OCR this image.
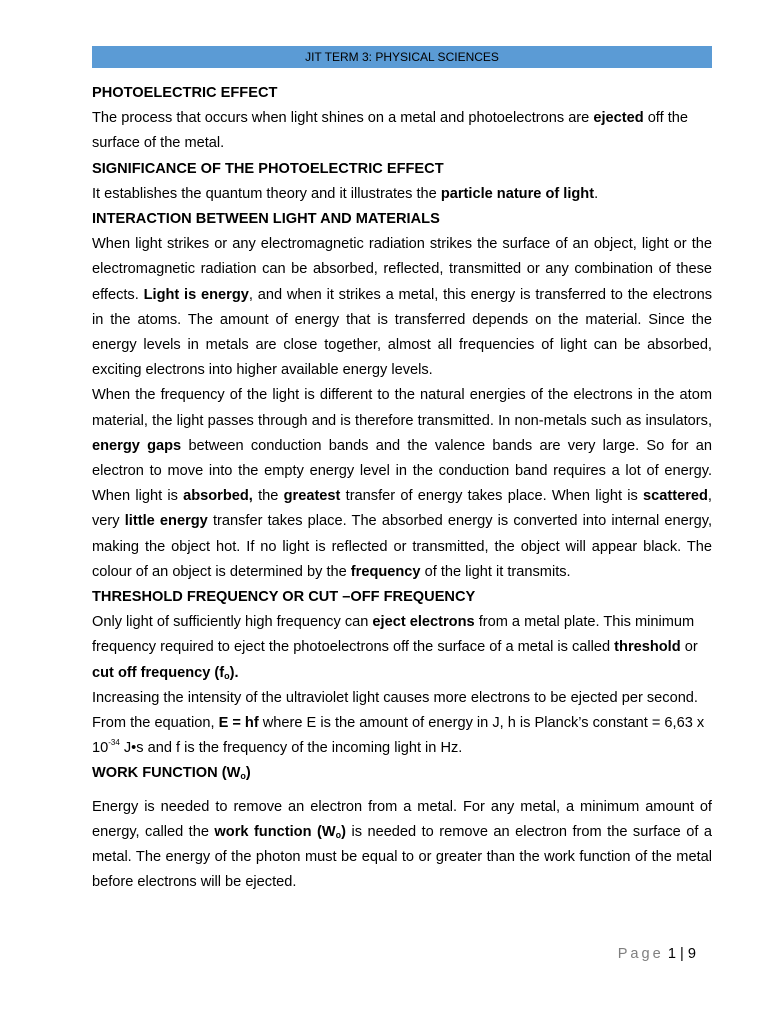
JIT TERM 3: PHYSICAL SCIENCES
PHOTOELECTRIC EFFECT

The process that occurs when light shines on a metal and photoelectrons are ejected off the surface of the metal.

SIGNIFICANCE OF THE PHOTOELECTRIC EFFECT

It establishes the quantum theory and it illustrates the particle nature of light.

INTERACTION BETWEEN LIGHT AND MATERIALS

When light strikes or any electromagnetic radiation strikes the surface of an object, light or the electromagnetic radiation can be absorbed, reflected, transmitted or any combination of these effects. Light is energy, and when it strikes a metal, this energy is transferred to the electrons in the atoms. The amount of energy that is transferred depends on the material. Since the energy levels in metals are close together, almost all frequencies of light can be absorbed, exciting electrons into higher available energy levels.

When the frequency of the light is different to the natural energies of the electrons in the atom material, the light passes through and is therefore transmitted. In non-metals such as insulators, energy gaps between conduction bands and the valence bands are very large. So for an electron to move into the empty energy level in the conduction band requires a lot of energy. When light is absorbed, the greatest transfer of energy takes place. When light is scattered, very little energy transfer takes place. The absorbed energy is converted into internal energy, making the object hot. If no light is reflected or transmitted, the object will appear black. The colour of an object is determined by the frequency of the light it transmits.

THRESHOLD FREQUENCY OR CUT –OFF FREQUENCY

Only light of sufficiently high frequency can eject electrons from a metal plate. This minimum frequency required to eject the photoelectrons off the surface of a metal is called threshold or cut off frequency $(f_o)$.

Increasing the intensity of the ultraviolet light causes more electrons to be ejected per second.

From the equation, E = hf where E is the amount of energy in J, h is Planck’s constant = 6,63 x $10^{-34}$ J•s and f is the frequency of the incoming light in Hz.

WORK FUNCTION $(W_o)$

Energy is needed to remove an electron from a metal. For any metal, a minimum amount of energy, called the work function $(W_o)$ is needed to remove an electron from the surface of a metal. The energy of the photon must be equal to or greater than the work function of the metal before electrons will be ejected.

Page 1 | 9
